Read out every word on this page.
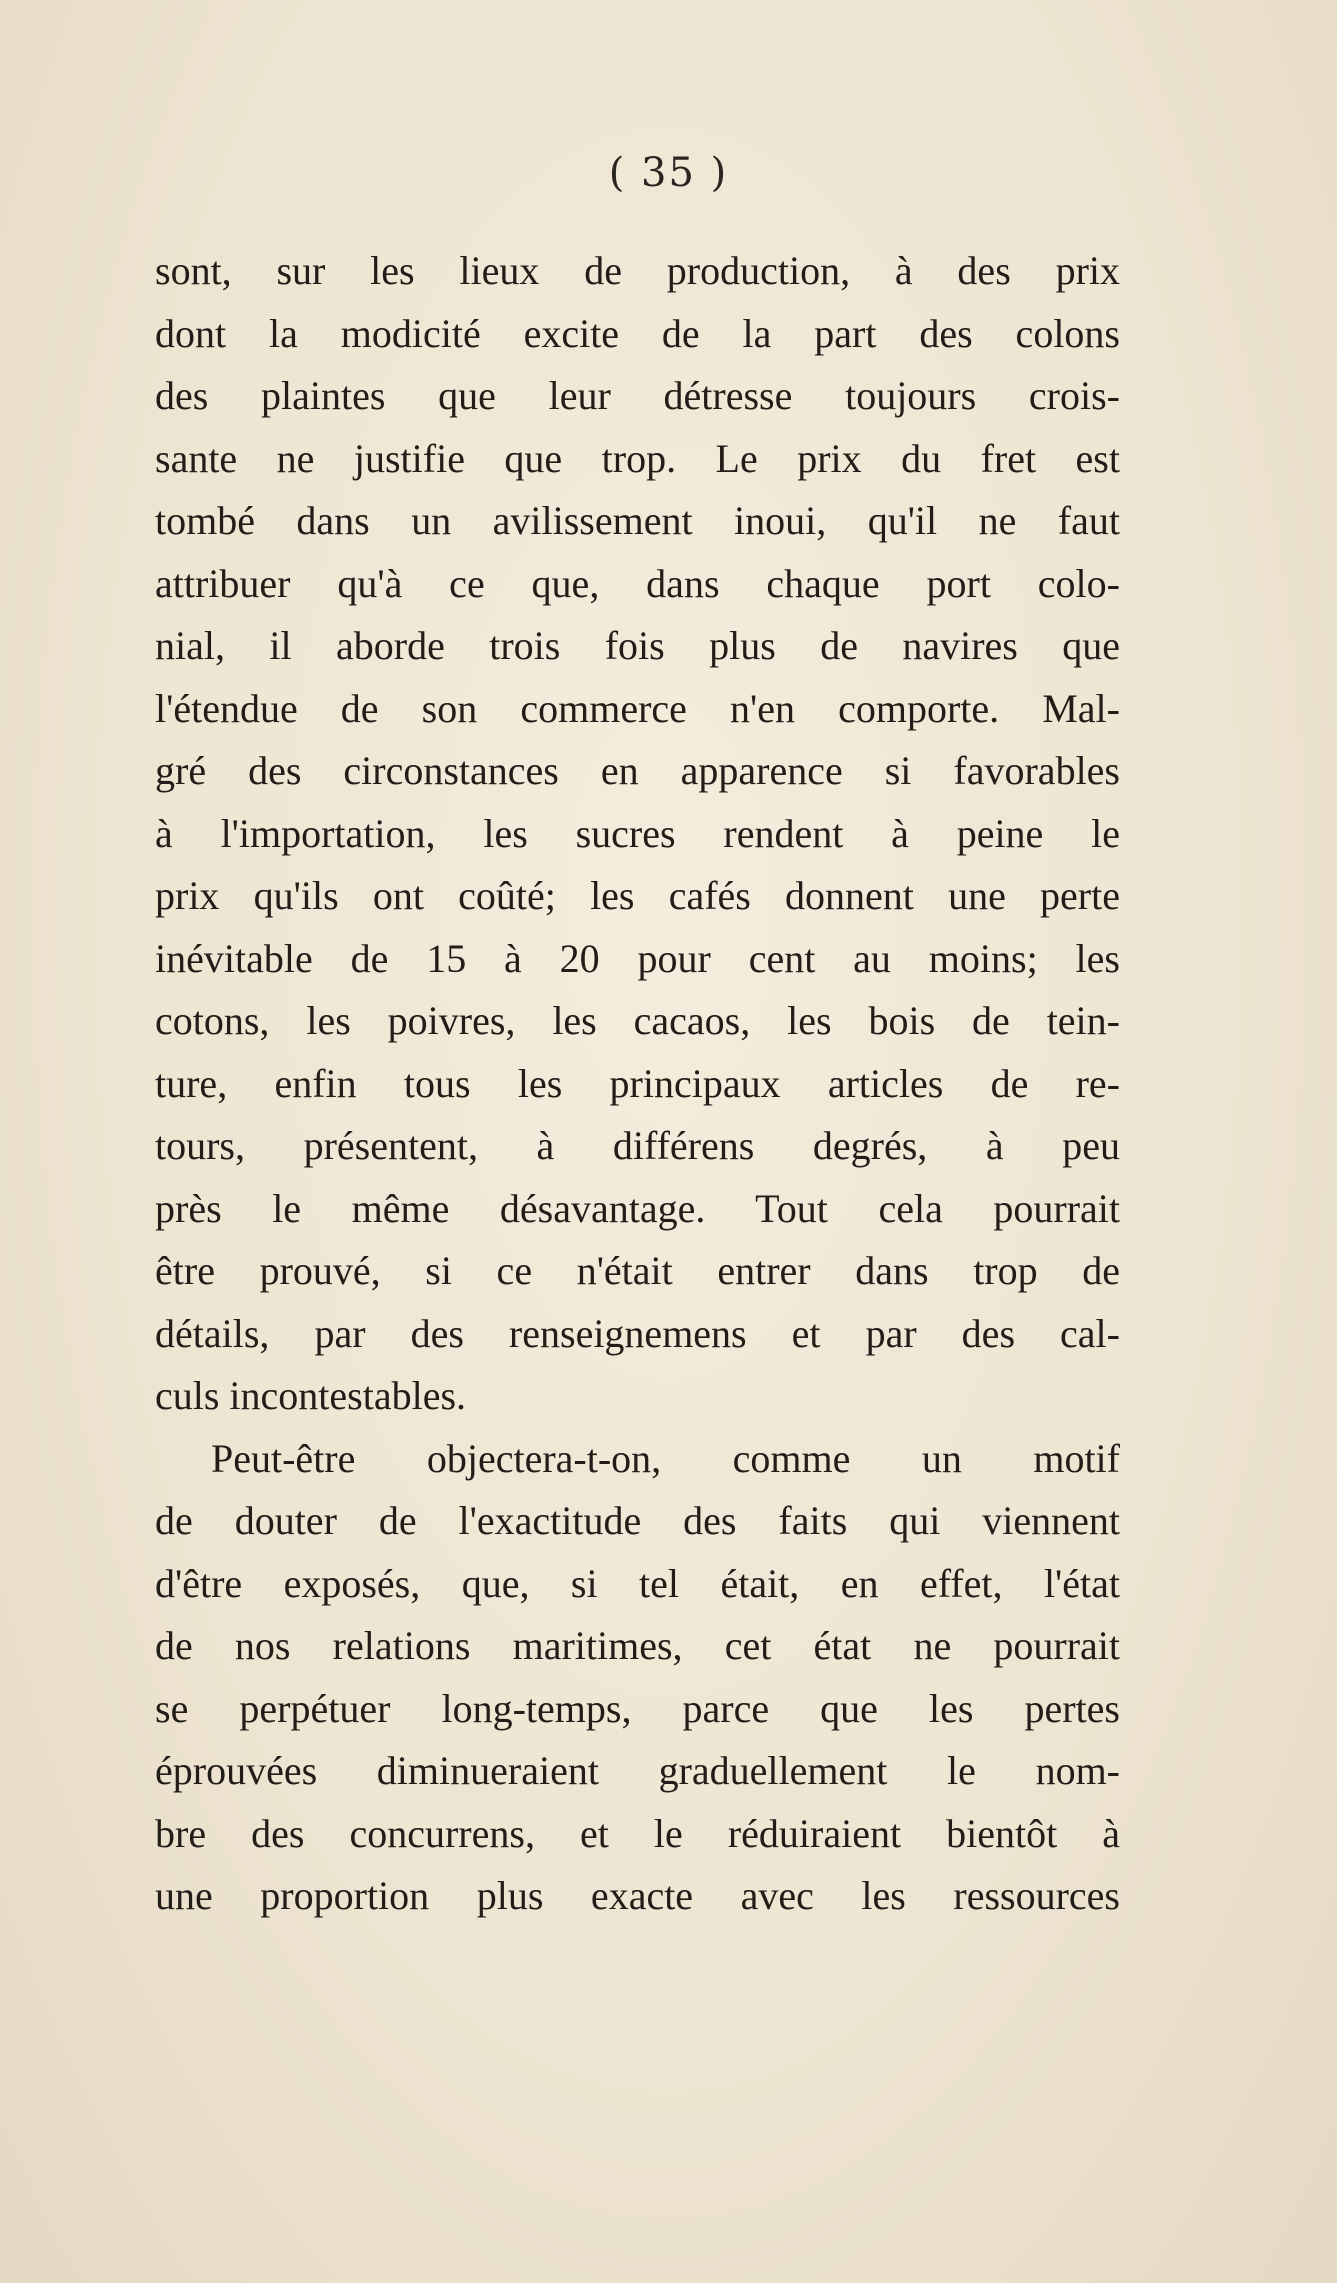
( 35 )
sont, sur les lieux de production, à des prix
dont la modicité excite de la part des colons
des plaintes que leur détresse toujours crois-
sante ne justifie que trop. Le prix du fret est
tombé dans un avilissement inoui, qu'il ne faut
attribuer qu'à ce que, dans chaque port colo-
nial, il aborde trois fois plus de navires que
l'étendue de son commerce n'en comporte. Mal-
gré des circonstances en apparence si favorables
à l'importation, les sucres rendent à peine le
prix qu'ils ont coûté; les cafés donnent une perte
inévitable de 15 à 20 pour cent au moins; les
cotons, les poivres, les cacaos, les bois de tein-
ture, enfin tous les principaux articles de re-
tours, présentent, à différens degrés, à peu
près le même désavantage. Tout cela pourrait
être prouvé, si ce n'était entrer dans trop de
détails, par des renseignemens et par des cal-
culs incontestables.
Peut-être objectera-t-on, comme un motif
de douter de l'exactitude des faits qui viennent
d'être exposés, que, si tel était, en effet, l'état
de nos relations maritimes, cet état ne pourrait
se perpétuer long-temps, parce que les pertes
éprouvées diminueraient graduellement le nom-
bre des concurrens, et le réduiraient bientôt à
une proportion plus exacte avec les ressources
